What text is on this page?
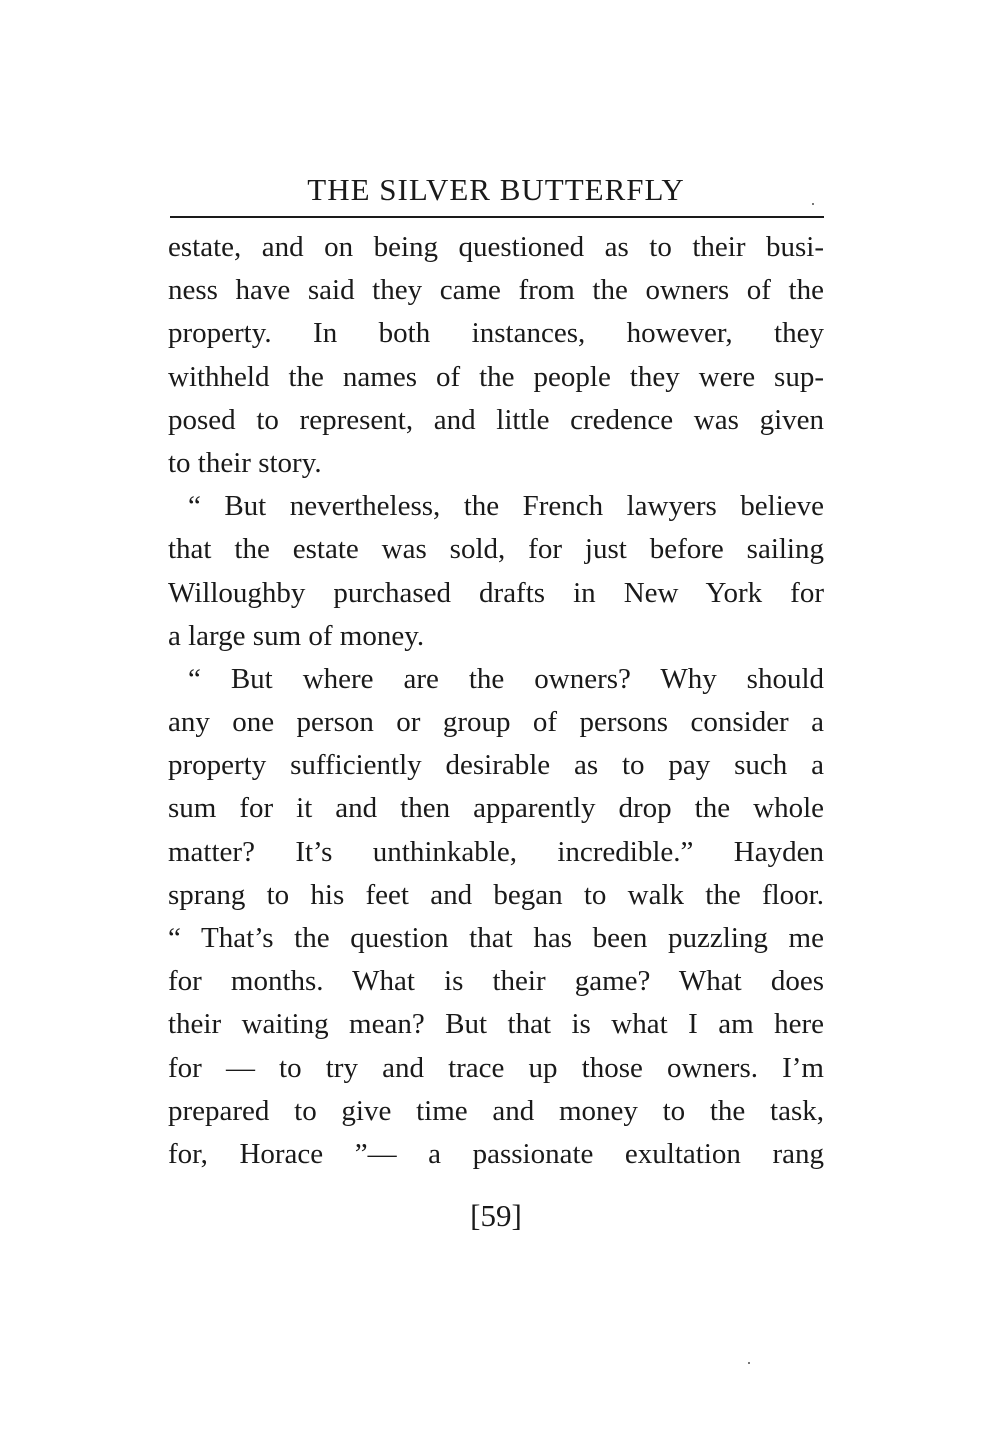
THE SILVER BUTTERFLY
estate, and on being questioned as to their busi-
ness have said they came from the owners of the
property. In both instances, however, they
withheld the names of the people they were sup-
posed to represent, and little credence was given
to their story.
“ But nevertheless, the French lawyers believe
that the estate was sold, for just before sailing
Willoughby purchased drafts in New York for
a large sum of money.
“ But where are the owners? Why should
any one person or group of persons consider a
property sufficiently desirable as to pay such a
sum for it and then apparently drop the whole
matter? It’s unthinkable, incredible.” Hayden
sprang to his feet and began to walk the floor.
“ That’s the question that has been puzzling me
for months. What is their game? What does
their waiting mean? But that is what I am here
for — to try and trace up those owners. I’m
prepared to give time and money to the task,
for, Horace ”— a passionate exultation rang
[59]
